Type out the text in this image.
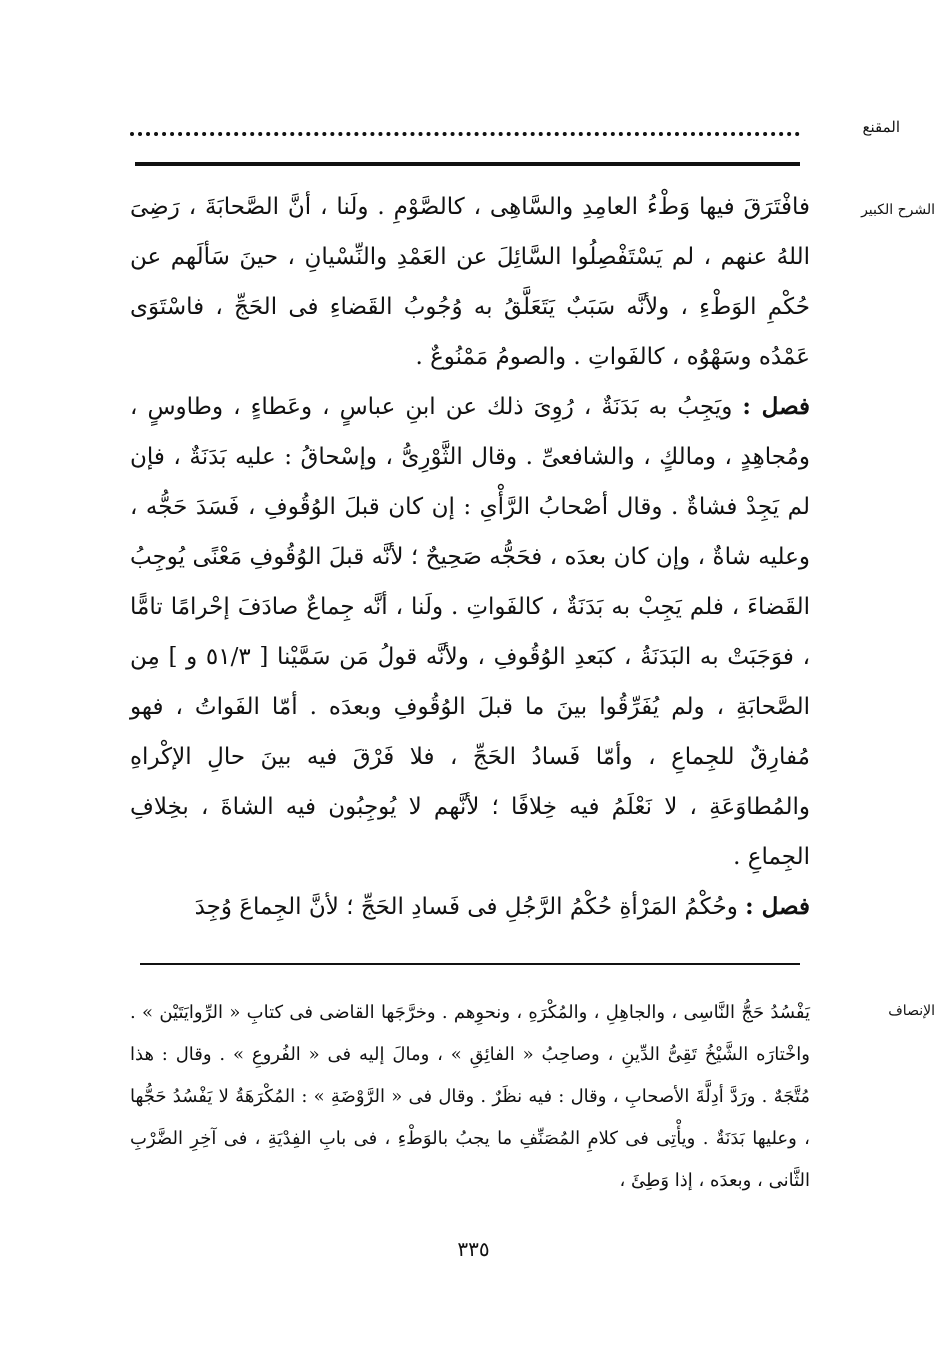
المقنع
الشرح الكبير

فافْتَرَقَ فيها وَطْءُ العامِدِ والسَّاهِى ، كالصَّوْمِ . ولَنا ، أنَّ الصَّحابَةَ ، رَضِىَ اللهُ عنهم ، لم يَسْتَفْصِلُوا السَّائِلَ عن العَمْدِ والنِّسْيانِ ، حينَ سَألَهم عن حُكْمِ الوَطْءِ ، ولأنَّه سَبَبٌ يَتَعَلَّقُ به وُجُوبُ القَضاءِ فى الحَجِّ ، فاسْتَوَى عَمْدُه وسَهْوُه ، كالفَواتِ . والصومُ مَمْنُوعٌ .

فصل : ويَجِبُ به بَدَنَةٌ ، رُوِىَ ذلك عن ابنِ عباسٍ ، وعَطاءٍ ، وطاوسٍ ، ومُجاهِدٍ ، ومالكٍ ، والشافعىِّ . وقال الثَّوْرِىُّ ، وإسْحاقُ : عليه بَدَنَةٌ ، فإن لم يَجِدْ فشاةٌ . وقال أصْحابُ الرَّأْىِ : إن كان قبلَ الوُقُوفِ ، فَسَدَ حَجُّه ، وعليه شاةٌ ، وإن كان بعدَه ، فحَجُّه صَحِيحٌ ؛ لأنَّه قبلَ الوُقُوفِ مَعْنًى يُوجِبُ القَضاءَ ، فلم يَجِبْ به بَدَنَةٌ ، كالفَواتِ . ولَنا ، أنَّه جِماعٌ صادَفَ إحْرامًا تامًّا ، فوَجَبَتْ به البَدَنَةُ ، كبَعدِ الوُقُوفِ ، ولأنَّه قولُ مَن سَمَّيْنا [ ٥١/٣ و ] مِن الصَّحابَةِ ، ولم يُفَرِّقُوا بينَ ما قبلَ الوُقُوفِ وبعدَه . أمّا الفَواتُ ، فهو مُفارِقٌ للجِماعِ ، وأمّا فَسادُ الحَجِّ ، فلا فَرْقَ فيه بينَ حالِ الإكْراهِ والمُطاوَعَةِ ، لا نَعْلَمُ فيه خِلافًا ؛ لأنَّهم لا يُوجِبُون فيه الشاةَ ، بخِلافِ الجِماعِ .

فصل : وحُكْمُ المَرْأةِ حُكْمُ الرَّجُلِ فى فَسادِ الحَجِّ ؛ لأنَّ الجِماعَ وُجِدَ

الإنصاف

يَفْسُدُ حَجُّ النَّاسِى ، والجاهِلِ ، والمُكْرَهِ ، ونحوِهم . وخرَّجَها القاضى فى كتابِ « الرِّوايَتَيْن » . واخْتارَه الشَّيْخُ تَقِىُّ الدِّينِ ، وصاحِبُ « الفائِقِ » ، ومالَ إليه فى « الفُروعِ » . وقال : هذا مُتَّجَهٌ . ورَدَّ أدِلَّةَ الأصحابِ ، وقال : فيه نظَرٌ . وقال فى « الرَّوْضَةِ » : المُكْرَهَةُ لا يَفْسُدُ حَجُّها ، وعليها بَدَنَةٌ . ويأْتِى فى كلامِ المُصَنِّفِ ما يجبُ بالوَطْءِ ، فى بابِ الفِدْيَةِ ، فى آخِرِ الضَّرْبِ الثَّانى ، وبعدَه ، إذا وَطِئَ ،

٣٣٥
